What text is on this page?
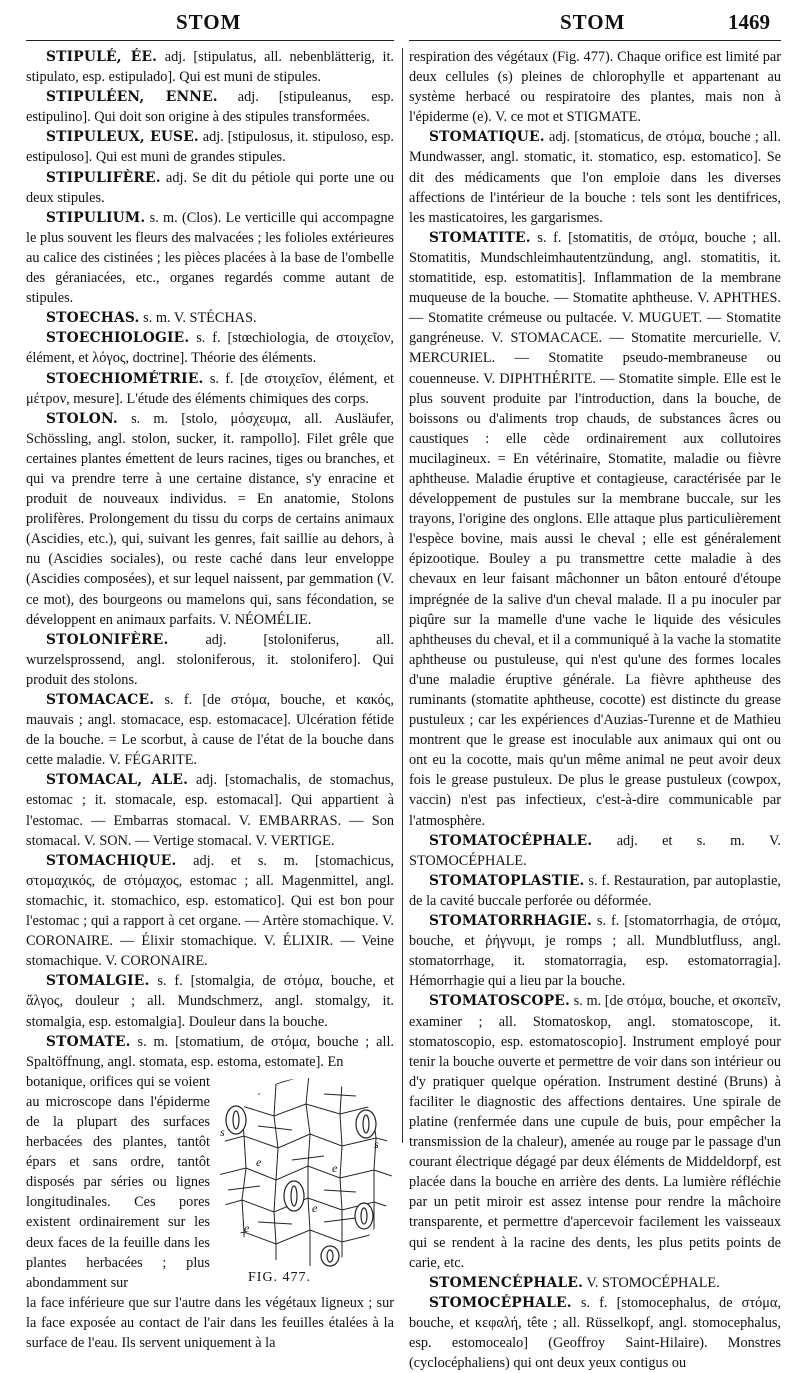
STOM	STOM	1469

STIPULÉ, ÉE. adj. [stipulatus, all. nebenblätterig, it. stipulato, esp. estipulado]. Qui est muni de stipules.

STIPULÉEN, ENNE. adj. [stipuleanus, esp. estipulino]. Qui doit son origine à des stipules transformées.

STIPULEUX, EUSE. adj. [stipulosus, it. stipuloso, esp. estipuloso]. Qui est muni de grandes stipules.

STIPULIFÈRE. adj. Se dit du pétiole qui porte une ou deux stipules.

STIPULIUM. s. m. (Clos). Le verticille qui accompagne le plus souvent les fleurs des malvacées ; les folioles extérieures au calice des cistinées ; les pièces placées à la base de l'ombelle des géraniacées, etc., organes regardés comme autant de stipules.

STOECHAS. s. m. V. STÉCHAS.

STOECHIOLOGIE. s. f. [stœchiologia, de στοιχεῖον, élément, et λόγος, doctrine]. Théorie des éléments.

STOECHIOMÉTRIE. s. f. [de στοιχεῖον, élément, et μέτρον, mesure]. L'étude des éléments chimiques des corps.

STOLON. s. m. [stolo, μόσχευμα, all. Ausläufer, Schössling, angl. stolon, sucker, it. rampollo]. Filet grêle que certaines plantes émettent de leurs racines, tiges ou branches, et qui va prendre terre à une certaine distance, s'y enracine et produit de nouveaux individus. = En anatomie, Stolons prolifères. Prolongement du tissu du corps de certains animaux (Ascidies, etc.), qui, suivant les genres, fait saillie au dehors, à nu (Ascidies sociales), ou reste caché dans leur enveloppe (Ascidies composées), et sur lequel naissent, par gemmation (V. ce mot), des bourgeons ou mamelons qui, sans fécondation, se développent en animaux parfaits. V. NÉOMÉLIE.

STOLONIFÈRE. adj. [stoloniferus, all. wurzelsprossend, angl. stoloniferous, it. stolonifero]. Qui produit des stolons.

STOMACACE. s. f. [de στόμα, bouche, et κακός, mauvais ; angl. stomacace, esp. estomacace]. Ulcération fétide de la bouche. = Le scorbut, à cause de l'état de la bouche dans cette maladie. V. FÉGARITE.

STOMACAL, ALE. adj. [stomachalis, de stomachus, estomac ; it. stomacale, esp. estomacal]. Qui appartient à l'estomac. — Embarras stomacal. V. EMBARRAS. — Son stomacal. V. SON. — Vertige stomacal. V. VERTIGE.

STOMACHIQUE. adj. et s. m. [stomachicus, στομαχικός, de στόμαχος, estomac ; all. Magenmittel, angl. stomachic, it. stomachico, esp. estomatico]. Qui est bon pour l'estomac ; qui a rapport à cet organe. — Artère stomachique. V. CORONAIRE. — Élixir stomachique. V. ÉLIXIR. — Veine stomachique. V. CORONAIRE.

STOMALGIE. s. f. [stomalgia, de στόμα, bouche, et ἄλγος, douleur ; all. Mundschmerz, angl. stomalgy, it. stomalgia, esp. estomalgia]. Douleur dans la bouche.

STOMATE. s. m. [stomatium, de στόμα, bouche ; all. Spaltöffnung, angl. stomata, esp. estoma, estomate]. En

botanique, orifices qui se voient au microscope dans l'épiderme de la plupart des surfaces herbacées des plantes, tantôt épars et sans ordre, tantôt disposés par séries ou lignes longitudinales. Ces pores existent ordinairement sur les deux faces de la feuille dans les plantes herbacées ; plus abondamment sur

s
s
e	e
e
e
FIG. 477.

la face inférieure que sur l'autre dans les végétaux ligneux ; sur la face exposée au contact de l'air dans les feuilles étalées à la surface de l'eau. Ils servent uniquement à la

respiration des végétaux (Fig. 477). Chaque orifice est limité par deux cellules (s) pleines de chlorophylle et appartenant au système herbacé ou respiratoire des plantes, mais non à l'épiderme (e). V. ce mot et STIGMATE.

STOMATIQUE. adj. [stomaticus, de στόμα, bouche ; all. Mundwasser, angl. stomatic, it. stomatico, esp. estomatico]. Se dit des médicaments que l'on emploie dans les diverses affections de l'intérieur de la bouche : tels sont les dentifrices, les masticatoires, les gargarismes.

STOMATITE. s. f. [stomatitis, de στόμα, bouche ; all. Stomatitis, Mundschleimhautentzündung, angl. stomatitis, it. stomatitide, esp. estomatitis]. Inflammation de la membrane muqueuse de la bouche. — Stomatite aphtheuse. V. APHTHES. — Stomatite crémeuse ou pultacée. V. MUGUET. — Stomatite gangréneuse. V. STOMACACE. — Stomatite mercurielle. V. MERCURIEL. — Stomatite pseudo-membraneuse ou couenneuse. V. DIPHTHÉRITE. — Stomatite simple. Elle est le plus souvent produite par l'introduction, dans la bouche, de boissons ou d'aliments trop chauds, de substances âcres ou caustiques : elle cède ordinairement aux collutoires mucilagineux. = En vétérinaire, Stomatite, maladie ou fièvre aphtheuse. Maladie éruptive et contagieuse, caractérisée par le développement de pustules sur la membrane buccale, sur les trayons, l'origine des onglons. Elle attaque plus particulièrement l'espèce bovine, mais aussi le cheval ; elle est généralement épizootique. Bouley a pu transmettre cette maladie à des chevaux en leur faisant mâchonner un bâton entouré d'étoupe imprégnée de la salive d'un cheval malade. Il a pu inoculer par piqûre sur la mamelle d'une vache le liquide des vésicules aphtheuses du cheval, et il a communiqué à la vache la stomatite aphtheuse ou pustuleuse, qui n'est qu'une des formes locales d'une maladie éruptive générale. La fièvre aphtheuse des ruminants (stomatite aphtheuse, cocotte) est distincte du grease pustuleux ; car les expériences d'Auzias-Turenne et de Mathieu montrent que le grease est inoculable aux animaux qui ont ou ont eu la cocotte, mais qu'un même animal ne peut avoir deux fois le grease pustuleux. De plus le grease pustuleux (cowpox, vaccin) n'est pas infectieux, c'est-à-dire communicable par l'atmosphère.

STOMATOCÉPHALE. adj. et s. m. V. STOMOCÉPHALE.

STOMATOPLASTIE. s. f. Restauration, par autoplastie, de la cavité buccale perforée ou déformée.

STOMATORRHAGIE. s. f. [stomatorrhagia, de στόμα, bouche, et ῥήγνυμι, je romps ; all. Mundblutfluss, angl. stomatorrhage, it. stomatorragia, esp. estomatorragia]. Hémorrhagie qui a lieu par la bouche.

STOMATOSCOPE. s. m. [de στόμα, bouche, et σκοπεῖν, examiner ; all. Stomatoskop, angl. stomatoscope, it. stomatoscopio, esp. estomatoscopio]. Instrument employé pour tenir la bouche ouverte et permettre de voir dans son intérieur ou d'y pratiquer quelque opération. Instrument destiné (Bruns) à faciliter le diagnostic des affections dentaires. Une spirale de platine (renfermée dans une cupule de buis, pour empêcher la transmission de la chaleur), amenée au rouge par le passage d'un courant électrique dégagé par deux éléments de Middeldorpf, est placée dans la bouche en arrière des dents. La lumière réfléchie par un petit miroir est assez intense pour rendre la mâchoire transparente, et permettre d'apercevoir facilement les vaisseaux qui se rendent à la racine des dents, les plus petits points de carie, etc.

STOMENCÉPHALE. V. STOMOCÉPHALE.

STOMOCÉPHALE. s. f. [stomocephalus, de στόμα, bouche, et κεφαλή, tête ; all. Rüsselkopf, angl. stomocephalus, esp. estomocealo] (Geoffroy Saint-Hilaire). Monstres (cyclocéphaliens) qui ont deux yeux contigus ou
